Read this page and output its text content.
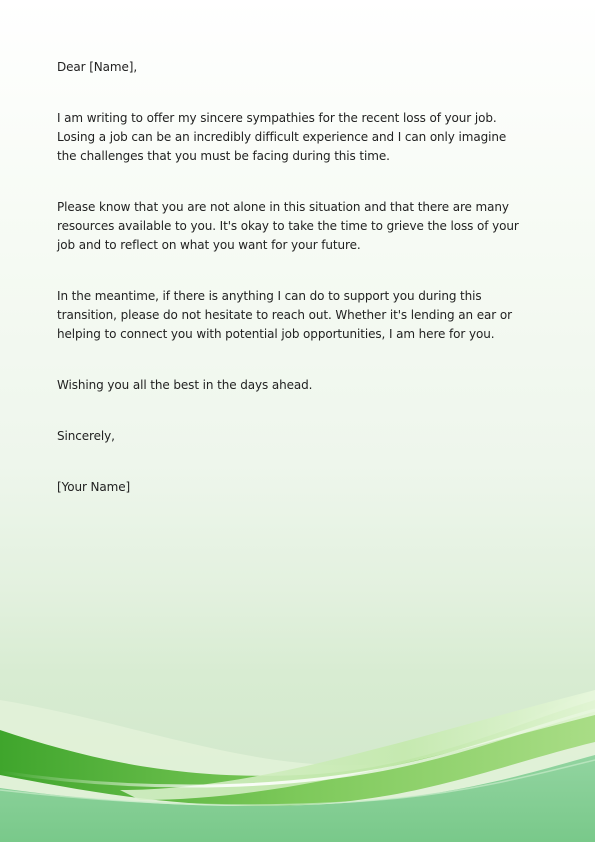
Dear [Name],

I am writing to offer my sincere sympathies for the recent loss of your job. Losing a job can be an incredibly difficult experience and I can only imagine the challenges that you must be facing during this time.

Please know that you are not alone in this situation and that there are many resources available to you. It's okay to take the time to grieve the loss of your job and to reflect on what you want for your future.

In the meantime, if there is anything I can do to support you during this transition, please do not hesitate to reach out. Whether it's lending an ear or helping to connect you with potential job opportunities, I am here for you.

Wishing you all the best in the days ahead.

Sincerely,

[Your Name]
